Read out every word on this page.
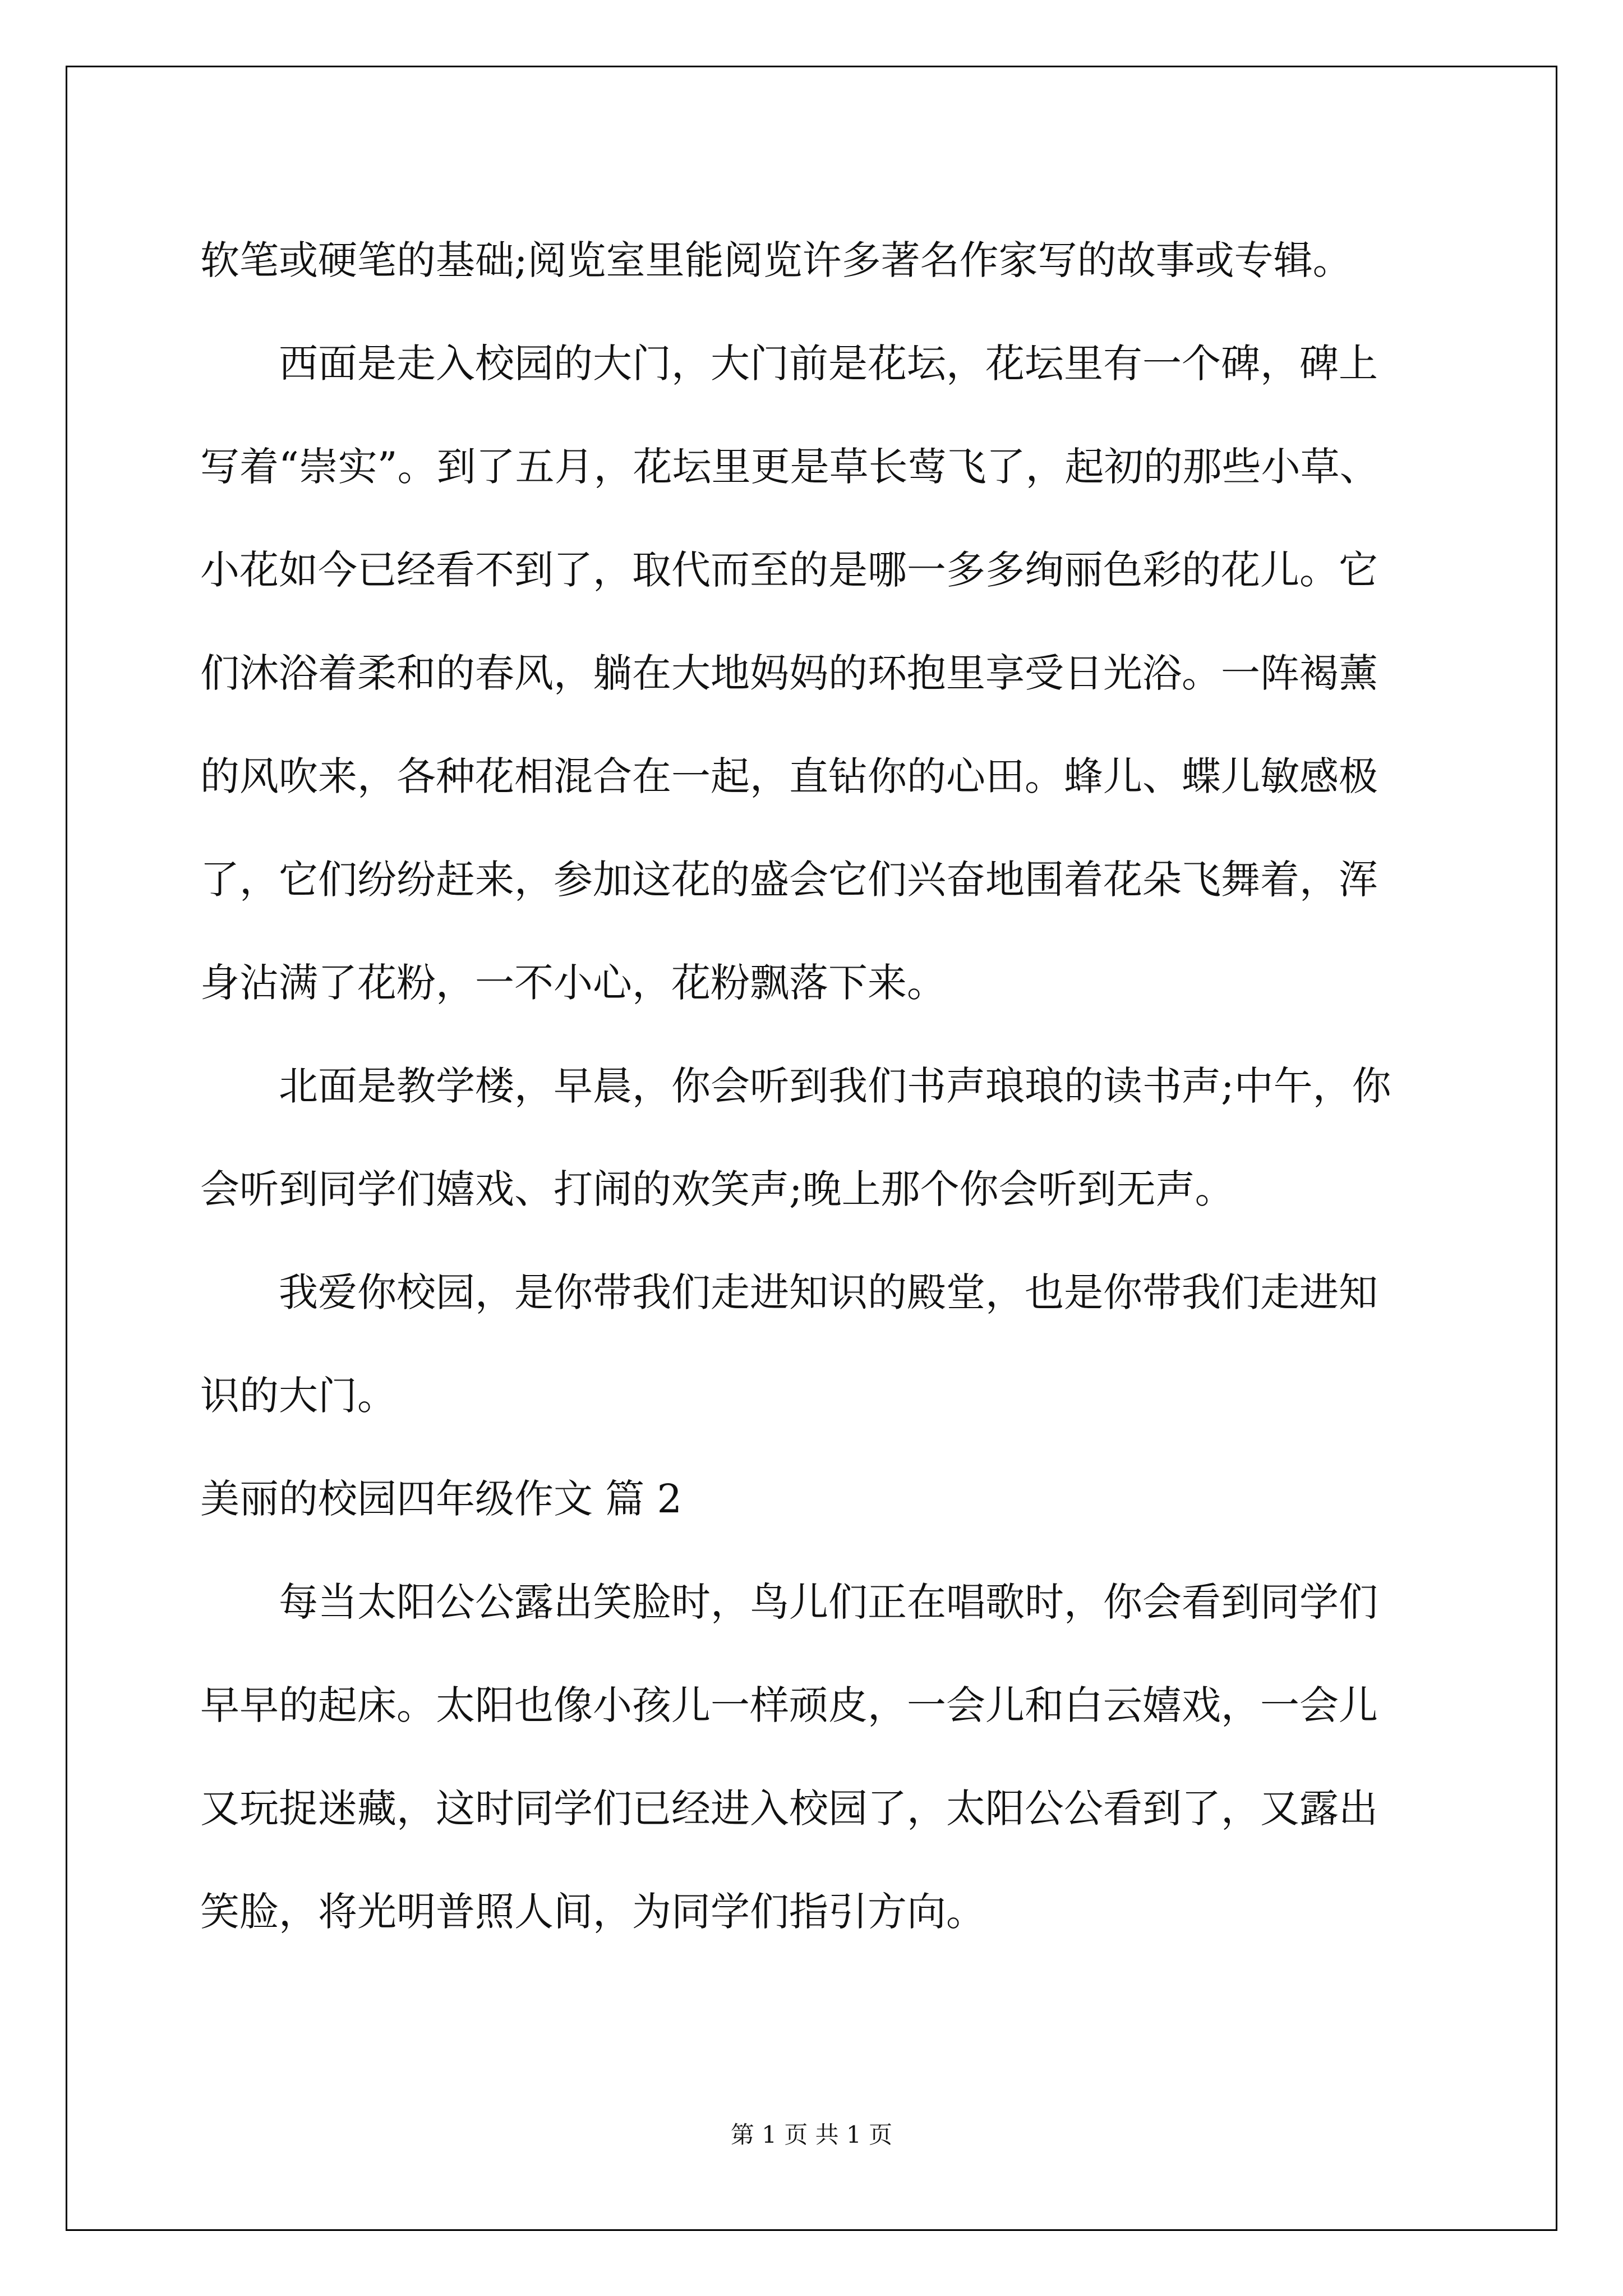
软笔或硬笔的基础;阅览室里能阅览许多著名作家写的故事或专辑。
西面是走入校园的大门，大门前是花坛，花坛里有一个碑，碑上
写着“崇实”。到了五月，花坛里更是草长莺飞了，起初的那些小草、
小花如今已经看不到了，取代而至的是哪一多多绚丽色彩的花儿。它
们沐浴着柔和的春风，躺在大地妈妈的环抱里享受日光浴。一阵褐薰
的风吹来，各种花相混合在一起，直钻你的心田。蜂儿、蝶儿敏感极
了，它们纷纷赶来，参加这花的盛会它们兴奋地围着花朵飞舞着，浑
身沾满了花粉，一不小心，花粉飘落下来。
北面是教学楼，早晨，你会听到我们书声琅琅的读书声;中午，你
会听到同学们嬉戏、打闹的欢笑声;晚上那个你会听到无声。
我爱你校园，是你带我们走进知识的殿堂，也是你带我们走进知
识的大门。
美丽的校园四年级作文 篇 2
每当太阳公公露出笑脸时，鸟儿们正在唱歌时，你会看到同学们
早早的起床。太阳也像小孩儿一样顽皮，一会儿和白云嬉戏，一会儿
又玩捉迷藏，这时同学们已经进入校园了，太阳公公看到了，又露出
笑脸，将光明普照人间，为同学们指引方向。
第 1 页 共 1 页
